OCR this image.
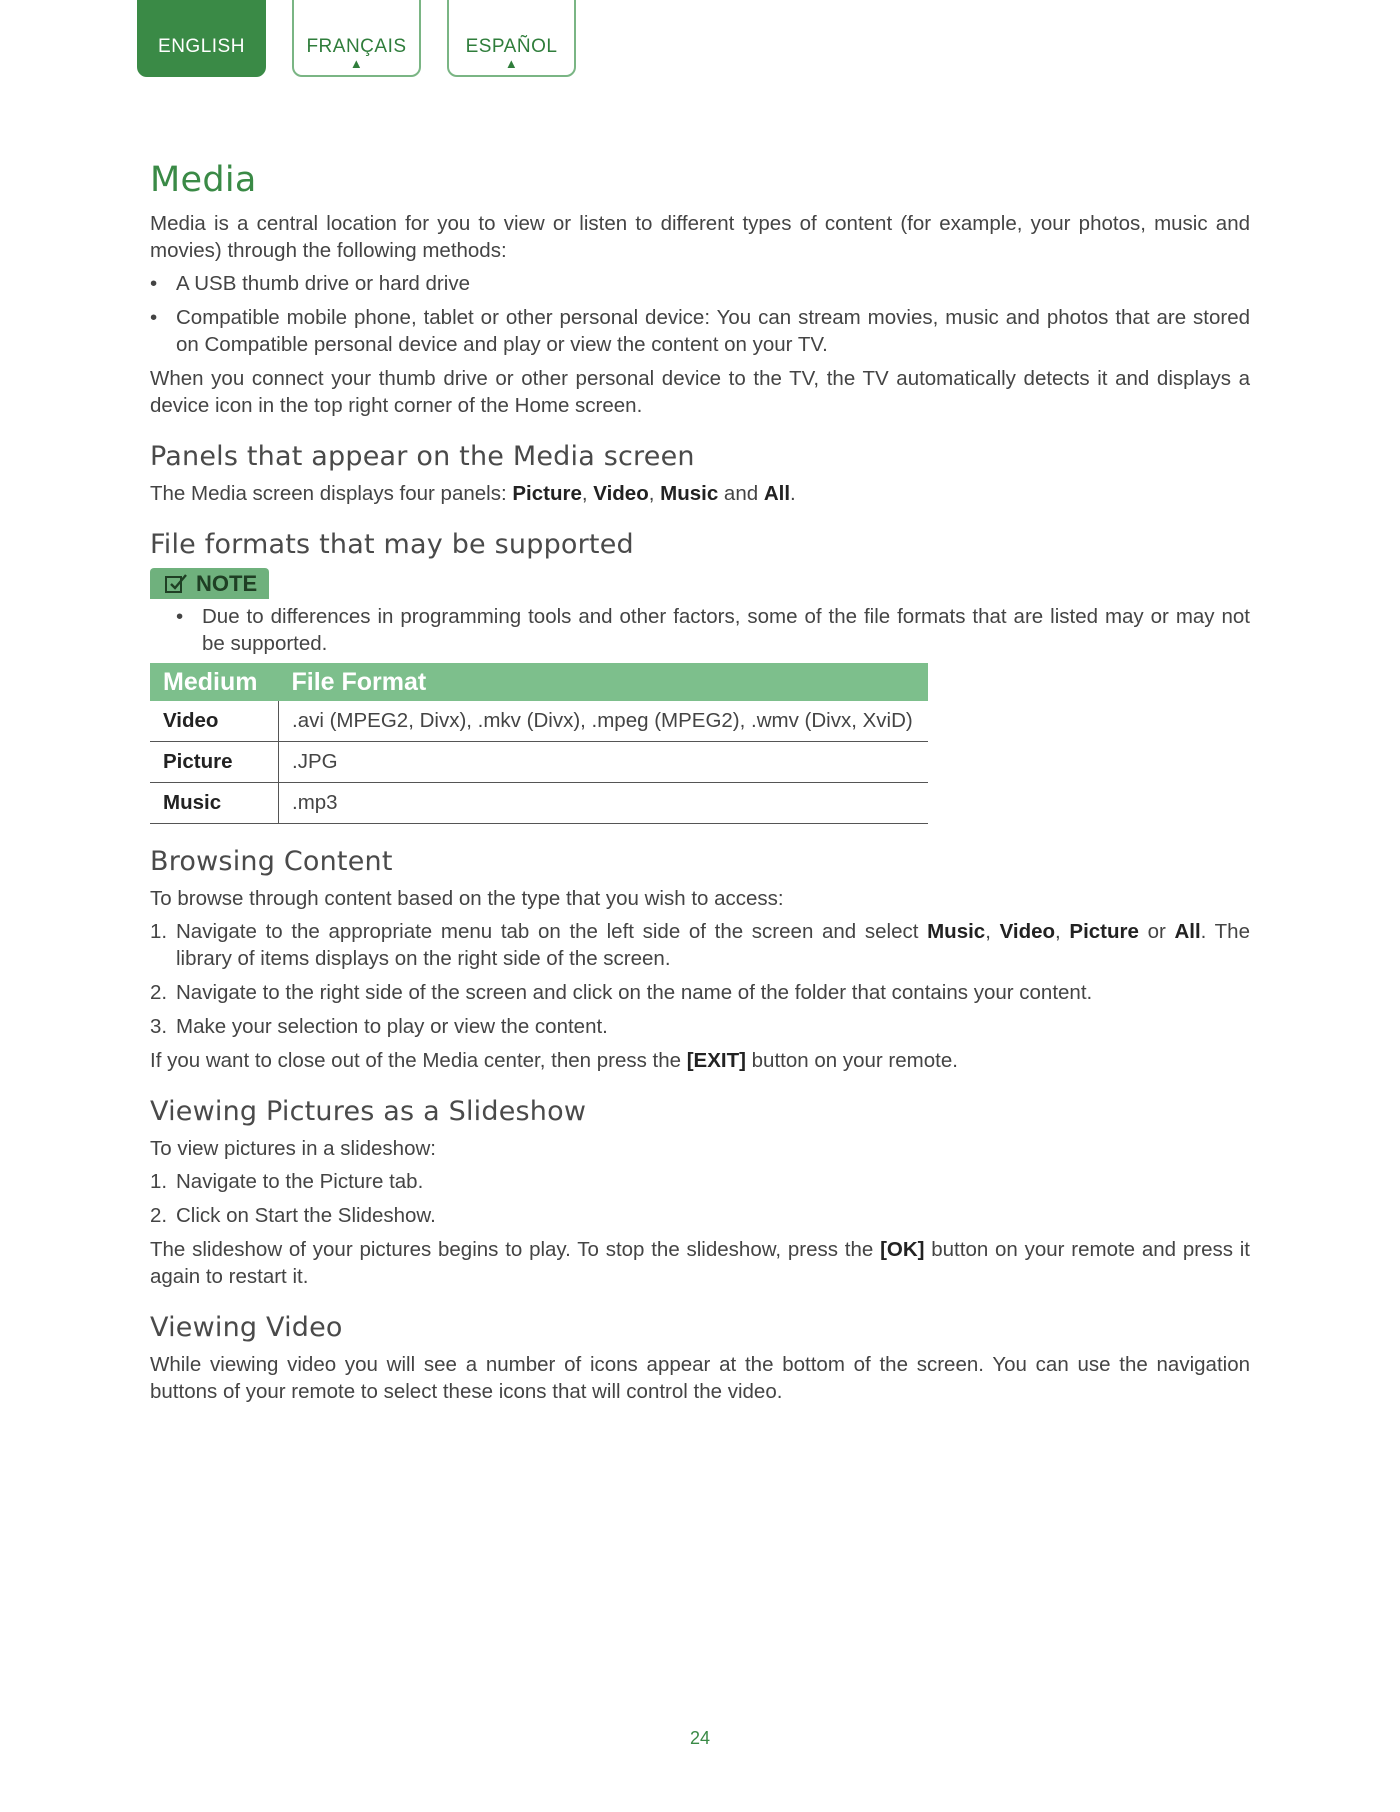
ENGLISH	FRANÇAIS
▲
ESPAÑOL
▲
Media

Media is a central location for you to view or listen to different types of content (for example, your photos, music and movies) through the following methods:

• A USB thumb drive or hard drive
• Compatible mobile phone, tablet or other personal device: You can stream movies, music and photos that are stored on Compatible personal device and play or view the content on your TV.

When you connect your thumb drive or other personal device to the TV, the TV automatically detects it and displays a device icon in the top right corner of the Home screen.

Panels that appear on the Media screen

The Media screen displays four panels: Picture, Video, Music and All.

File formats that may be supported
NOTE
• Due to differences in programming tools and other factors, some of the file formats that are listed may or may not be supported.
Medium	File Format
Video	.avi (MPEG2, Divx), .mkv (Divx), .mpeg (MPEG2), .wmv (Divx, XviD)
Picture	.JPG
Music	.mp3
Browsing Content

To browse through content based on the type that you wish to access:

1. Navigate to the appropriate menu tab on the left side of the screen and select Music, Video, Picture or All. The library of items displays on the right side of the screen.
2. Navigate to the right side of the screen and click on the name of the folder that contains your content.
3. Make your selection to play or view the content.

If you want to close out of the Media center, then press the [EXIT] button on your remote.

Viewing Pictures as a Slideshow

To view pictures in a slideshow:

1. Navigate to the Picture tab.
2. Click on Start the Slideshow.

The slideshow of your pictures begins to play. To stop the slideshow, press the [OK] button on your remote and press it again to restart it.

Viewing Video

While viewing video you will see a number of icons appear at the bottom of the screen. You can use the navigation buttons of your remote to select these icons that will control the video.

24
